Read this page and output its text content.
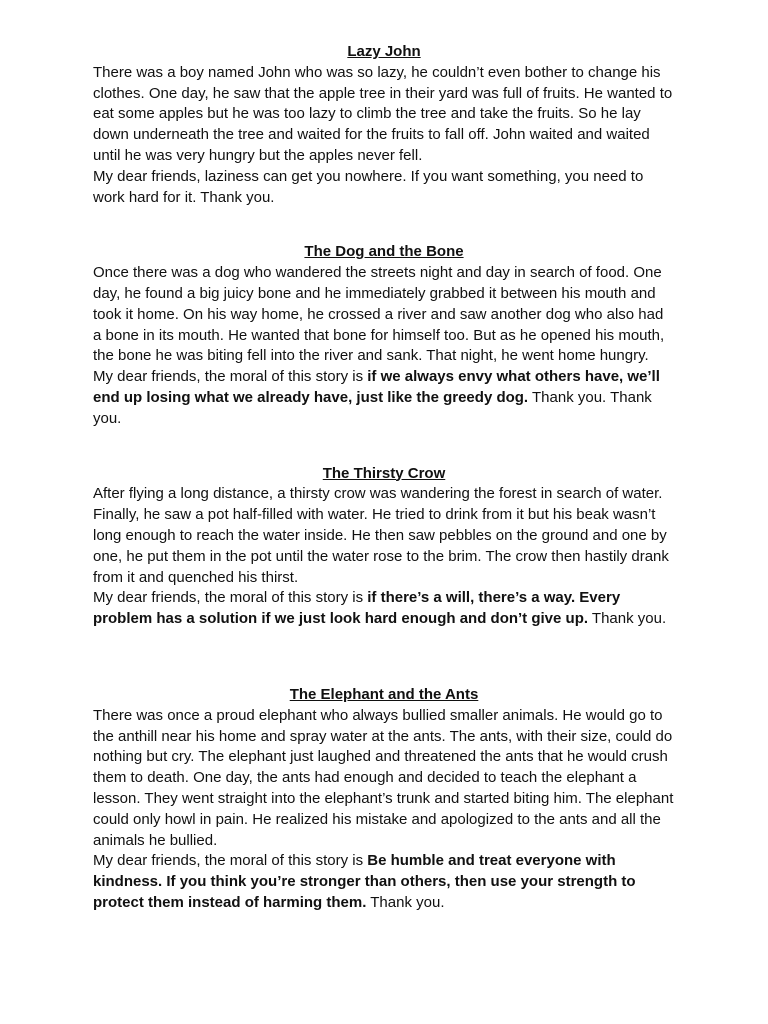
Lazy John

There was a boy named John who was so lazy, he couldn’t even bother to change his clothes. One day, he saw that the apple tree in their yard was full of fruits. He wanted to eat some apples but he was too lazy to climb the tree and take the fruits. So he lay down underneath the tree and waited for the fruits to fall off. John waited and waited until he was very hungry but the apples never fell.

My dear friends, laziness can get you nowhere. If you want something, you need to work hard for it. Thank you.

The Dog and the Bone

Once there was a dog who wandered the streets night and day in search of food. One day, he found a big juicy bone and he immediately grabbed it between his mouth and took it home. On his way home, he crossed a river and saw another dog who also had a bone in its mouth. He wanted that bone for himself too. But as he opened his mouth, the bone he was biting fell into the river and sank. That night, he went home hungry.

My dear friends, the moral of this story is if we always envy what others have, we’ll end up losing what we already have, just like the greedy dog. Thank you. Thank you.

The Thirsty Crow

After flying a long distance, a thirsty crow was wandering the forest in search of water. Finally, he saw a pot half-filled with water. He tried to drink from it but his beak wasn’t long enough to reach the water inside. He then saw pebbles on the ground and one by one, he put them in the pot until the water rose to the brim. The crow then hastily drank from it and quenched his thirst.

My dear friends, the moral of this story is if there’s a will, there’s a way. Every problem has a solution if we just look hard enough and don’t give up. Thank you.

The Elephant and the Ants

There was once a proud elephant who always bullied smaller animals. He would go to the anthill near his home and spray water at the ants. The ants, with their size, could do nothing but cry. The elephant just laughed and threatened the ants that he would crush them to death. One day, the ants had enough and decided to teach the elephant a lesson. They went straight into the elephant’s trunk and started biting him. The elephant could only howl in pain. He realized his mistake and apologized to the ants and all the animals he bullied.

My dear friends, the moral of this story is Be humble and treat everyone with kindness. If you think you’re stronger than others, then use your strength to protect them instead of harming them. Thank you.
